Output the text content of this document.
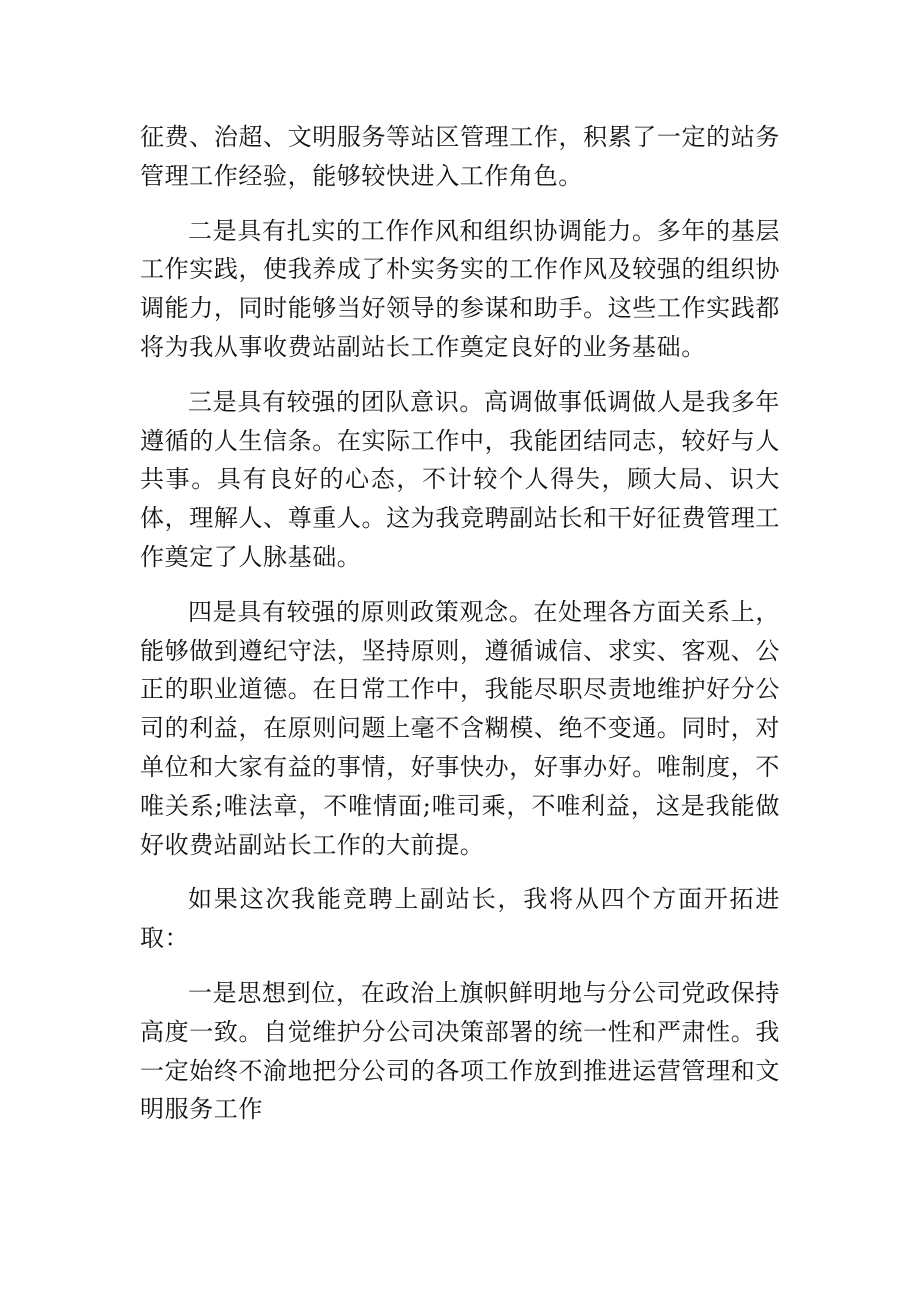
征费、治超、文明服务等站区管理工作，积累了一定的站务管理工作经验，能够较快进入工作角色。

二是具有扎实的工作作风和组织协调能力。多年的基层工作实践，使我养成了朴实务实的工作作风及较强的组织协调能力，同时能够当好领导的参谋和助手。这些工作实践都将为我从事收费站副站长工作奠定良好的业务基础。

三是具有较强的团队意识。高调做事低调做人是我多年遵循的人生信条。在实际工作中，我能团结同志，较好与人共事。具有良好的心态，不计较个人得失，顾大局、识大体，理解人、尊重人。这为我竞聘副站长和干好征费管理工作奠定了人脉基础。

四是具有较强的原则政策观念。在处理各方面关系上，能够做到遵纪守法，坚持原则，遵循诚信、求实、客观、公正的职业道德。在日常工作中，我能尽职尽责地维护好分公司的利益，在原则问题上毫不含糊模、绝不变通。同时，对单位和大家有益的事情，好事快办，好事办好。唯制度，不唯关系;唯法章，不唯情面;唯司乘，不唯利益，这是我能做好收费站副站长工作的大前提。

如果这次我能竞聘上副站长，我将从四个方面开拓进取：

一是思想到位，在政治上旗帜鲜明地与分公司党政保持高度一致。自觉维护分公司决策部署的统一性和严肃性。我一定始终不渝地把分公司的各项工作放到推进运营管理和文明服务工作
